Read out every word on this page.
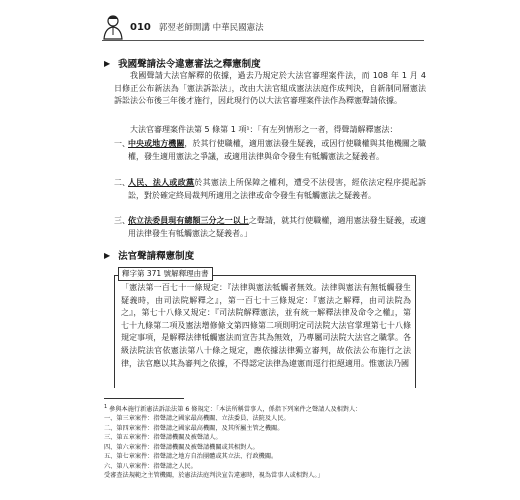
010 郭翌老師開講 中華民國憲法
▶ 我國聲請法令違憲審法之釋憲制度
我國聲請大法官解釋的依據，過去乃規定於大法官審理案件法，而 108 年 1 月 4 日修正公布新法為「憲法訴訟法」，改由大法官組成憲法法庭作成判決，自新制同層憲法訴訟法公布後三年後才施行，因此現行仍以大法官審理案件法作為釋憲聲請依據。
大法官審理案件法第 5 條第 1 項¹：「有左列情形之一者，得聲請解釋憲法：
一、
中央或地方機關，於其行使職權，適用憲法發生疑義，或因行使職權與其他機關之職權，發生適用憲法之爭議，或適用法律與命令發生有牴觸憲法之疑義者。
二、
人民、法人或政黨於其憲法上所保障之權利，遭受不法侵害，經依法定程序提起訴訟，對於確定終局裁判所適用之法律或命令發生有牴觸憲法之疑義者。
三、
依立法委員現有總額三分之一以上之聲請，就其行使職權，適用憲法發生疑義，或適用法律發生有牴觸憲法之疑義者。」
▶ 法官聲請釋憲制度
釋字第 371 號解釋理由書
「憲法第一百七十一條規定：『法律與憲法牴觸者無效。法律與憲法有無牴觸發生疑義時，由司法院解釋之』，第一百七十三條規定：『憲法之解釋，由司法院為之』，第七十八條又規定：『司法院解釋憲法，並有統一解釋法律及命令之權』，第七十九條第二項及憲法增修條文第四條第二項則明定司法院大法官掌理第七十八條規定事項，是解釋法律牴觸憲法而宣告其為無效，乃專屬司法院大法官之職掌。各級法院法官依憲法第八十條之規定，應依據法律獨立審判，故依法公布施行之法律，法官應以其為審判之依據，不得認定法律為違憲而逕行拒絕適用。惟憲法乃國
$^1$ 參與本施行新憲法訴訟法第 6 條規定：「本法所稱當事人，係指下列案件之聲請人及相對人：
一、第三章案件：指聲請之國家最高機關、立法委員、法院及人民。
二、第四章案件：指聲請之國家最高機關，及其所屬主管之機關。
三、第五章案件：指聲請機關及被聲請人。
四、第六章案件：指聲請機關及被聲請機關或其相對人。
五、第七章案件：指聲請之地方自治團體或其立法、行政機關。
六、第八章案件：指聲請之人民。
受審查法規範之主管機關，於憲法法庭判決宣告違憲時，視為當事人或相對人。」
